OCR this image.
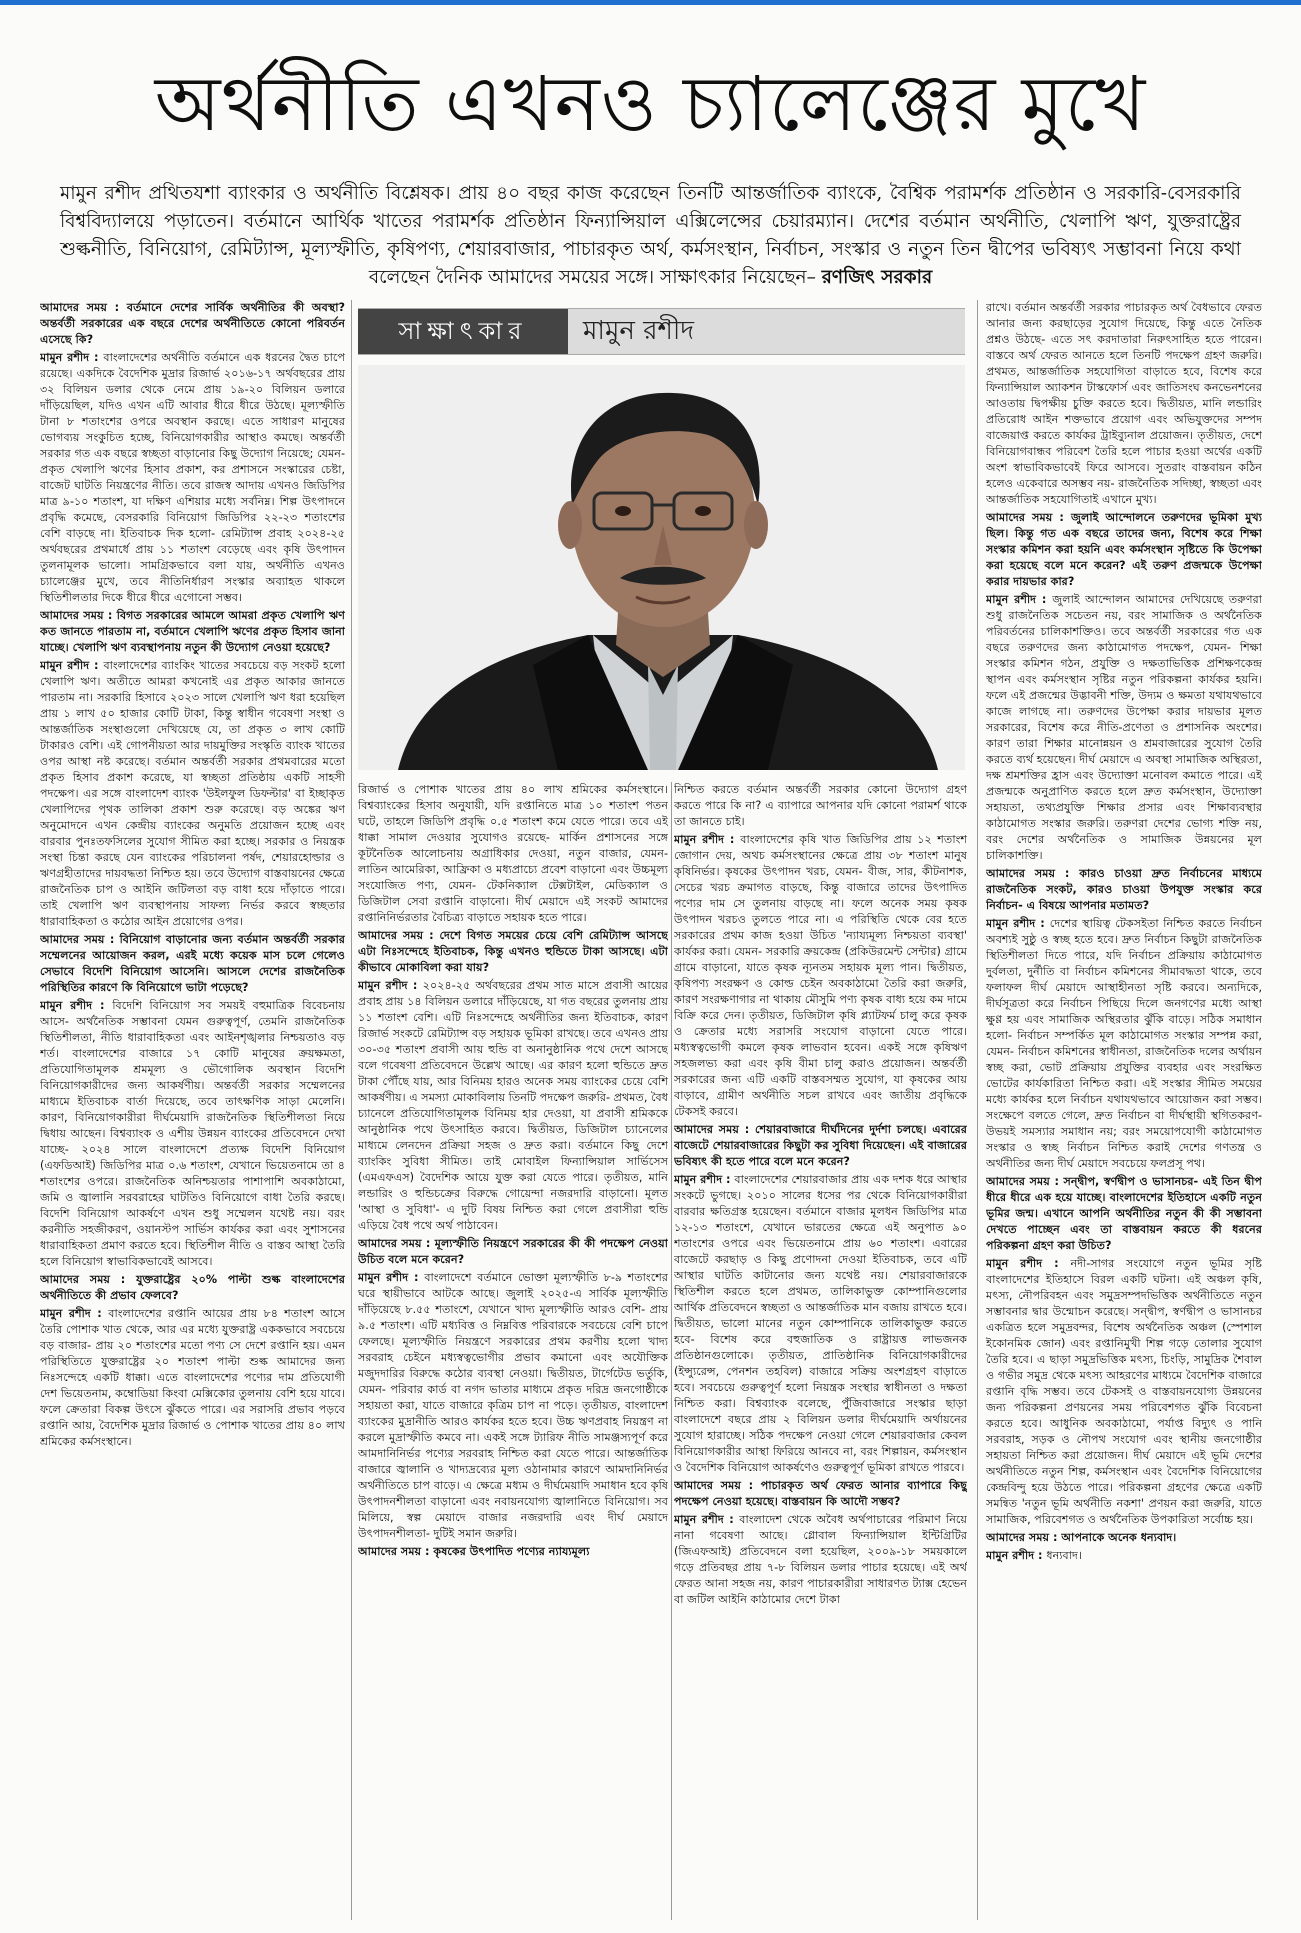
অর্থনীতি এখনও চ্যালেঞ্জের মুখে
মামুন রশীদ প্রথিতযশা ব্যাংকার ও অর্থনীতি বিশ্লেষক। প্রায় ৪০ বছর কাজ করেছেন তিনটি আন্তর্জাতিক ব্যাংকে, বৈশ্বিক পরামর্শক প্রতিষ্ঠান ও সরকারি-বেসরকারি বিশ্ববিদ্যালয়ে পড়াতেন। বর্তমানে আর্থিক খাতের পরামর্শক প্রতিষ্ঠান ফিন্যান্সিয়াল এক্সিলেন্সের চেয়ারম্যান। দেশের বর্তমান অর্থনীতি, খেলাপি ঋণ, যুক্তরাষ্ট্রের শুল্কনীতি, বিনিয়োগ, রেমিট্যান্স, মূল্যস্ফীতি, কৃষিপণ্য, শেয়ারবাজার, পাচারকৃত অর্থ, কর্মসংস্থান, নির্বাচন, সংস্কার ও নতুন তিন দ্বীপের ভবিষ্যৎ সম্ভাবনা নিয়ে কথা বলেছেন দৈনিক আমাদের সময়ের সঙ্গে। সাক্ষাৎকার নিয়েছেন– রণজিৎ সরকার

আমাদের সময় : বর্তমানে দেশের সার্বিক অর্থনীতির কী অবস্থা? অন্তর্বর্তী সরকারের এক বছরে দেশের অর্থনীতিতে কোনো পরিবর্তন এসেছে কি?

মামুন রশীদ : বাংলাদেশের অর্থনীতি বর্তমানে এক ধরনের দ্বৈত চাপে রয়েছে। একদিকে বৈদেশিক মুদ্রার রিজার্ভ ২০১৬-১৭ অর্থবছরের প্রায় ৩২ বিলিয়ন ডলার থেকে নেমে প্রায় ১৯-২০ বিলিয়ন ডলারে দাঁড়িয়েছিল, যদিও এখন এটি আবার ধীরে ধীরে উঠছে। মূল্যস্ফীতি টানা ৮ শতাংশের ওপরে অবস্থান করছে। এতে সাধারণ মানুষের ভোগব্যয় সংকুচিত হচ্ছে, বিনিয়োগকারীর আস্থাও কমছে। অন্তর্বর্তী সরকার গত এক বছরে স্বচ্ছতা বাড়ানোর কিছু উদ্যোগ নিয়েছে; যেমন- প্রকৃত খেলাপি ঋণের হিসাব প্রকাশ, কর প্রশাসনে সংস্কারের চেষ্টা, বাজেট ঘাটতি নিয়ন্ত্রণের নীতি। তবে রাজস্ব আদায় এখনও জিডিপির মাত্র ৯-১০ শতাংশ, যা দক্ষিণ এশিয়ার মধ্যে সর্বনিম্ন। শিল্প উৎপাদনে প্রবৃদ্ধি কমেছে, বেসরকারি বিনিয়োগ জিডিপির ২২-২৩ শতাংশের বেশি বাড়ছে না। ইতিবাচক দিক হলো- রেমিট্যান্স প্রবাহ ২০২৪-২৫ অর্থবছরের প্রথমার্ধে প্রায় ১১ শতাংশ বেড়েছে এবং কৃষি উৎপাদন তুলনামূলক ভালো। সামগ্রিকভাবে বলা যায়, অর্থনীতি এখনও চ্যালেঞ্জের মুখে, তবে নীতিনির্ধারণ সংস্কার অব্যাহত থাকলে স্থিতিশীলতার দিকে ধীরে ধীরে এগোনো সম্ভব।

আমাদের সময় : বিগত সরকারের আমলে আমরা প্রকৃত খেলাপি ঋণ কত জানতে পারতাম না, বর্তমানে খেলাপি ঋণের প্রকৃত হিসাব জানা যাচ্ছে। খেলাপি ঋণ ব্যবস্থাপনায় নতুন কী উদ্যোগ নেওয়া হয়েছে?

মামুন রশীদ : বাংলাদেশের ব্যাংকিং খাতের সবচেয়ে বড় সংকট হলো খেলাপি ঋণ। অতীতে আমরা কখনোই এর প্রকৃত আকার জানতে পারতাম না। সরকারি হিসাবে ২০২৩ সালে খেলাপি ঋণ ধরা হয়েছিল প্রায় ১ লাখ ৫০ হাজার কোটি টাকা, কিন্তু স্বাধীন গবেষণা সংস্থা ও আন্তর্জাতিক সংস্থাগুলো দেখিয়েছে যে, তা প্রকৃত ৩ লাখ কোটি টাকারও বেশি। এই গোপনীয়তা আর দায়মুক্তির সংস্কৃতি ব্যাংক খাতের ওপর আস্থা নষ্ট করেছে। বর্তমান অন্তর্বর্তী সরকার প্রথমবারের মতো প্রকৃত হিসাব প্রকাশ করেছে, যা স্বচ্ছতা প্রতিষ্ঠায় একটি সাহসী পদক্ষেপ। এর সঙ্গে বাংলাদেশ ব্যাংক 'উইলফুল ডিফল্টার' বা ইচ্ছাকৃত খেলাপিদের পৃথক তালিকা প্রকাশ শুরু করেছে। বড় অঙ্কের ঋণ অনুমোদনে এখন কেন্দ্রীয় ব্যাংকের অনুমতি প্রয়োজন হচ্ছে এবং বারবার পুনঃতফসিলের সুযোগ সীমিত করা হচ্ছে। সরকার ও নিয়ন্ত্রক সংস্থা চিন্তা করছে যেন ব্যাংকের পরিচালনা পর্ষদ, শেয়ারহোল্ডার ও ঋণগ্রহীতাদের দায়বদ্ধতা নিশ্চিত হয়। তবে উদ্যোগ বাস্তবায়নের ক্ষেত্রে রাজনৈতিক চাপ ও আইনি জটিলতা বড় বাধা হয়ে দাঁড়াতে পারে। তাই খেলাপি ঋণ ব্যবস্থাপনায় সাফল্য নির্ভর করবে স্বচ্ছতার ধারাবাহিকতা ও কঠোর আইন প্রয়োগের ওপর।

আমাদের সময় : বিনিয়োগ বাড়ানোর জন্য বর্তমান অন্তর্বর্তী সরকার সম্মেলনের আয়োজন করল, এরই মধ্যে কয়েক মাস চলে গেলেও সেভাবে বিদেশি বিনিয়োগ আসেনি। আসলে দেশের রাজনৈতিক পরিস্থিতির কারণে কি বিনিয়োগে ভাটা পড়েছে?

মামুন রশীদ : বিদেশি বিনিয়োগ সব সময়ই বহুমাত্রিক বিবেচনায় আসে- অর্থনৈতিক সম্ভাবনা যেমন গুরুত্বপূর্ণ, তেমনি রাজনৈতিক স্থিতিশীলতা, নীতি ধারাবাহিকতা এবং আইনশৃঙ্খলার নিশ্চয়তাও বড় শর্ত। বাংলাদেশের বাজারে ১৭ কোটি মানুষের ক্রয়ক্ষমতা, প্রতিযোগিতামূলক শ্রমমূল্য ও ভৌগোলিক অবস্থান বিদেশি বিনিয়োগকারীদের জন্য আকর্ষণীয়। অন্তর্বর্তী সরকার সম্মেলনের মাধ্যমে ইতিবাচক বার্তা দিয়েছে, তবে তাৎক্ষণিক সাড়া মেলেনি। কারণ, বিনিয়োগকারীরা দীর্ঘমেয়াদি রাজনৈতিক স্থিতিশীলতা নিয়ে দ্বিধায় আছেন। বিশ্বব্যাংক ও এশীয় উন্নয়ন ব্যাংকের প্রতিবেদনে দেখা যাচ্ছে- ২০২৪ সালে বাংলাদেশে প্রত্যক্ষ বিদেশি বিনিয়োগ (এফডিআই) জিডিপির মাত্র ০.৬ শতাংশ, যেখানে ভিয়েতনামে তা ৪ শতাংশের ওপরে। রাজনৈতিক অনিশ্চয়তার পাশাপাশি অবকাঠামো, জমি ও জ্বালানি সরবরাহের ঘাটতিও বিনিয়োগে বাধা তৈরি করছে। বিদেশি বিনিয়োগ আকর্ষণে এখন শুধু সম্মেলন যথেষ্ট নয়। বরং করনীতি সহজীকরণ, ওয়ানস্টপ সার্ভিস কার্যকর করা এবং সুশাসনের ধারাবাহিকতা প্রমাণ করতে হবে। স্থিতিশীল নীতি ও বাস্তব আস্থা তৈরি হলে বিনিয়োগ স্বাভাবিকভাবেই আসবে।

আমাদের সময় : যুক্তরাষ্ট্রের ২০% পাল্টা শুল্ক বাংলাদেশের অর্থনীতিতে কী প্রভাব ফেলবে?

মামুন রশীদ : বাংলাদেশের রপ্তানি আয়ের প্রায় ৮৪ শতাংশ আসে তৈরি পোশাক খাত থেকে, আর এর মধ্যে যুক্তরাষ্ট্র এককভাবে সবচেয়ে বড় বাজার- প্রায় ২০ শতাংশের মতো পণ্য সে দেশে রপ্তানি হয়। এমন পরিস্থিতিতে যুক্তরাষ্ট্রের ২০ শতাংশ পাল্টা শুল্ক আমাদের জন্য নিঃসন্দেহে একটি ধাক্কা। এতে বাংলাদেশের পণ্যের দাম প্রতিযোগী দেশ ভিয়েতনাম, কম্বোডিয়া কিংবা মেক্সিকোর তুলনায় বেশি হয়ে যাবে। ফলে ক্রেতারা বিকল্প উৎসে ঝুঁকতে পারে। এর সরাসরি প্রভাব পড়বে রপ্তানি আয়, বৈদেশিক মুদ্রার রিজার্ভ ও পোশাক খাতের প্রায় ৪০ লাখ শ্রমিকের কর্মসংস্থানে।

সাক্ষাৎকার	মামুন রশীদ

রিজার্ভ ও পোশাক খাতের প্রায় ৪০ লাখ শ্রমিকের কর্মসংস্থানে। বিশ্বব্যাংকের হিসাব অনুযায়ী, যদি রপ্তানিতে মাত্র ১০ শতাংশ পতন ঘটে, তাহলে জিডিপি প্রবৃদ্ধি ০.৫ শতাংশ কমে যেতে পারে। তবে এই ধাক্কা সামাল দেওয়ার সুযোগও রয়েছে- মার্কিন প্রশাসনের সঙ্গে কূটনৈতিক আলোচনায় অগ্রাধিকার দেওয়া, নতুন বাজার, যেমন- লাতিন আমেরিকা, আফ্রিকা ও মধ্যপ্রাচ্যে প্রবেশ বাড়ানো এবং উচ্চমূল্য সংযোজিত পণ্য, যেমন- টেকনিক্যাল টেক্সটাইল, মেডিক্যাল ও ডিজিটাল সেবা রপ্তানি বাড়ানো। দীর্ঘ মেয়াদে এই সংকট আমাদের রপ্তানিনির্ভরতার বৈচিত্র্য বাড়াতে সহায়ক হতে পারে।

আমাদের সময় : দেশে বিগত সময়ের চেয়ে বেশি রেমিট্যান্স আসছে এটা নিঃসন্দেহে ইতিবাচক, কিন্তু এখনও হুন্ডিতে টাকা আসছে। এটা কীভাবে মোকাবিলা করা যায়?

মামুন রশীদ : ২০২৪-২৫ অর্থবছরের প্রথম সাত মাসে প্রবাসী আয়ের প্রবাহ প্রায় ১৪ বিলিয়ন ডলারে দাঁড়িয়েছে, যা গত বছরের তুলনায় প্রায় ১১ শতাংশ বেশি। এটি নিঃসন্দেহে অর্থনীতির জন্য ইতিবাচক, কারণ রিজার্ভ সংকটে রেমিট্যান্স বড় সহায়ক ভূমিকা রাখছে। তবে এখনও প্রায় ৩০-৩৫ শতাংশ প্রবাসী আয় হুন্ডি বা অনানুষ্ঠানিক পথে দেশে আসছে বলে গবেষণা প্রতিবেদনে উল্লেখ আছে। এর কারণ হলো হুন্ডিতে দ্রুত টাকা পৌঁছে যায়, আর বিনিময় হারও অনেক সময় ব্যাংকের চেয়ে বেশি আকর্ষণীয়। এ সমস্যা মোকাবিলায় তিনটি পদক্ষেপ জরুরি- প্রথমত, বৈধ চ্যানেলে প্রতিযোগিতামূলক বিনিময় হার দেওয়া, যা প্রবাসী শ্রমিককে আনুষ্ঠানিক পথে উৎসাহিত করবে। দ্বিতীয়ত, ডিজিটাল চ্যানেলের মাধ্যমে লেনদেন প্রক্রিয়া সহজ ও দ্রুত করা। বর্তমানে কিছু দেশে ব্যাংকিং সুবিধা সীমিত। তাই মোবাইল ফিন্যান্সিয়াল সার্ভিসেস (এমএফএস) বৈদেশিক আয়ে যুক্ত করা যেতে পারে। তৃতীয়ত, মানি লন্ডারিং ও হুন্ডিচক্রের বিরুদ্ধে গোয়েন্দা নজরদারি বাড়ানো। মূলত 'আস্থা ও সুবিধা'- এ দুটি বিষয় নিশ্চিত করা গেলে প্রবাসীরা হুন্ডি এড়িয়ে বৈধ পথে অর্থ পাঠাবেন।

আমাদের সময় : মূল্যস্ফীতি নিয়ন্ত্রণে সরকারের কী কী পদক্ষেপ নেওয়া উচিত বলে মনে করেন?

মামুন রশীদ : বাংলাদেশে বর্তমানে ভোক্তা মূল্যস্ফীতি ৮-৯ শতাংশের ঘরে স্থায়ীভাবে আটকে আছে। জুলাই ২০২৫-এ সার্বিক মূল্যস্ফীতি দাঁড়িয়েছে ৮.৫৫ শতাংশে, যেখানে খাদ্য মূল্যস্ফীতি আরও বেশি- প্রায় ৯.৫ শতাংশ। এটি মধ্যবিত্ত ও নিম্নবিত্ত পরিবারকে সবচেয়ে বেশি চাপে ফেলছে। মূল্যস্ফীতি নিয়ন্ত্রণে সরকারের প্রথম করণীয় হলো খাদ্য সরবরাহ চেইনে মধ্যস্বত্বভোগীর প্রভাব কমানো এবং অযৌক্তিক মজুদদারির বিরুদ্ধে কঠোর ব্যবস্থা নেওয়া। দ্বিতীয়ত, টার্গেটেড ভর্তুকি, যেমন- পরিবার কার্ড বা নগদ ভাতার মাধ্যমে প্রকৃত দরিদ্র জনগোষ্ঠীকে সহায়তা করা, যাতে বাজারে কৃত্রিম চাপ না পড়ে। তৃতীয়ত, বাংলাদেশ ব্যাংকের মুদ্রানীতি আরও কার্যকর হতে হবে। উচ্চ ঋণপ্রবাহ নিয়ন্ত্রণ না করলে মুদ্রাস্ফীতি কমবে না। একই সঙ্গে ট্যারিফ নীতি সামঞ্জস্যপূর্ণ করে আমদানিনির্ভর পণ্যের সরবরাহ নিশ্চিত করা যেতে পারে। আন্তর্জাতিক বাজারে জ্বালানি ও খাদ্যদ্রব্যের মূল্য ওঠানামার কারণে আমদানিনির্ভর অর্থনীতিতে চাপ বাড়ে। এ ক্ষেত্রে মধ্যম ও দীর্ঘমেয়াদি সমাধান হবে কৃষি উৎপাদনশীলতা বাড়ানো এবং নবায়নযোগ্য জ্বালানিতে বিনিয়োগ। সব মিলিয়ে, স্বল্প মেয়াদে বাজার নজরদারি এবং দীর্ঘ মেয়াদে উৎপাদনশীলতা- দুটিই সমান জরুরি।

আমাদের সময় : কৃষকের উৎপাদিত পণ্যের ন্যায্যমূল্য

নিশ্চিত করতে বর্তমান অন্তর্বর্তী সরকার কোনো উদ্যোগ গ্রহণ করতে পারে কি না? এ ব্যাপারে আপনার যদি কোনো পরামর্শ থাকে তা জানতে চাই।

মামুন রশীদ : বাংলাদেশের কৃষি খাত জিডিপির প্রায় ১২ শতাংশ জোগান দেয়, অথচ কর্মসংস্থানের ক্ষেত্রে প্রায় ৩৮ শতাংশ মানুষ কৃষিনির্ভর। কৃষকের উৎপাদন খরচ, যেমন- বীজ, সার, কীটনাশক, সেচের খরচ ক্রমাগত বাড়ছে, কিন্তু বাজারে তাদের উৎপাদিত পণ্যের দাম সে তুলনায় বাড়ছে না। ফলে অনেক সময় কৃষক উৎপাদন খরচও তুলতে পারে না। এ পরিস্থিতি থেকে বের হতে সরকারের প্রথম কাজ হওয়া উচিত 'ন্যায্যমূল্য নিশ্চয়তা ব্যবস্থা' কার্যকর করা। যেমন- সরকারি ক্রয়কেন্দ্র (প্রকিউরমেন্ট সেন্টার) গ্রামে গ্রামে বাড়ানো, যাতে কৃষক ন্যূনতম সহায়ক মূল্য পান। দ্বিতীয়ত, কৃষিপণ্য সংরক্ষণ ও কোল্ড চেইন অবকাঠামো তৈরি করা জরুরি, কারণ সংরক্ষণাগার না থাকায় মৌসুমি পণ্য কৃষক বাধ্য হয়ে কম দামে বিক্রি করে দেন। তৃতীয়ত, ডিজিটাল কৃষি প্ল্যাটফর্ম চালু করে কৃষক ও ক্রেতার মধ্যে সরাসরি সংযোগ বাড়ানো যেতে পারে। মধ্যস্বত্বভোগী কমলে কৃষক লাভবান হবেন। একই সঙ্গে কৃষিঋণ সহজলভ্য করা এবং কৃষি বীমা চালু করাও প্রয়োজন। অন্তর্বর্তী সরকারের জন্য এটি একটি বাস্তবসম্মত সুযোগ, যা কৃষকের আয় বাড়াবে, গ্রামীণ অর্থনীতি সচল রাখবে এবং জাতীয় প্রবৃদ্ধিকে টেকসই করবে।

আমাদের সময় : শেয়ারবাজারে দীর্ঘদিনের দুর্দশা চলছে। এবারের বাজেটে শেয়ারবাজারের কিছুটা কর সুবিধা দিয়েছেন। এই বাজারের ভবিষ্যৎ কী হতে পারে বলে মনে করেন?

মামুন রশীদ : বাংলাদেশের শেয়ারবাজার প্রায় এক দশক ধরে আস্থার সংকটে ভুগছে। ২০১০ সালের ধসের পর থেকে বিনিয়োগকারীরা বারবার ক্ষতিগ্রস্ত হয়েছেন। বর্তমানে বাজার মূলধন জিডিপির মাত্র ১২-১৩ শতাংশে, যেখানে ভারতের ক্ষেত্রে এই অনুপাত ৯০ শতাংশের ওপরে এবং ভিয়েতনামে প্রায় ৬০ শতাংশ। এবারের বাজেটে করছাড় ও কিছু প্রণোদনা দেওয়া ইতিবাচক, তবে এটি আস্থার ঘাটতি কাটানোর জন্য যথেষ্ট নয়। শেয়ারবাজারকে স্থিতিশীল করতে হলে প্রথমত, তালিকাভুক্ত কোম্পানিগুলোর আর্থিক প্রতিবেদনে স্বচ্ছতা ও আন্তর্জাতিক মান বজায় রাখতে হবে। দ্বিতীয়ত, ভালো মানের নতুন কোম্পানিকে তালিকাভুক্ত করতে হবে- বিশেষ করে বহুজাতিক ও রাষ্ট্রায়ত্ত লাভজনক প্রতিষ্ঠানগুলোকে। তৃতীয়ত, প্রাতিষ্ঠানিক বিনিয়োগকারীদের (ইন্স্যুরেন্স, পেনশন তহবিল) বাজারে সক্রিয় অংশগ্রহণ বাড়াতে হবে। সবচেয়ে গুরুত্বপূর্ণ হলো নিয়ন্ত্রক সংস্থার স্বাধীনতা ও দক্ষতা নিশ্চিত করা। বিশ্বব্যাংক বলেছে, পুঁজিবাজারে সংস্কার ছাড়া বাংলাদেশে বছরে প্রায় ২ বিলিয়ন ডলার দীর্ঘমেয়াদি অর্থায়নের সুযোগ হারাচ্ছে। সঠিক পদক্ষেপ নেওয়া গেলে শেয়ারবাজার কেবল বিনিয়োগকারীর আস্থা ফিরিয়ে আনবে না, বরং শিল্পায়ন, কর্মসংস্থান ও বৈদেশিক বিনিয়োগ আকর্ষণেও গুরুত্বপূর্ণ ভূমিকা রাখতে পারবে।

আমাদের সময় : পাচারকৃত অর্থ ফেরত আনার ব্যাপারে কিছু পদক্ষেপ নেওয়া হয়েছে। বাস্তবায়ন কি আদৌ সম্ভব?

মামুন রশীদ : বাংলাদেশ থেকে অবৈধ অর্থপাচারের পরিমাণ নিয়ে নানা গবেষণা আছে। গ্লোবাল ফিন্যান্সিয়াল ইন্টিগ্রিটির (জিএফআই) প্রতিবেদনে বলা হয়েছিল, ২০০৯-১৮ সময়কালে গড়ে প্রতিবছর প্রায় ৭-৮ বিলিয়ন ডলার পাচার হয়েছে। এই অর্থ ফেরত আনা সহজ নয়, কারণ পাচারকারীরা সাধারণত ট্যাক্স হেভেন বা জটিল আইনি কাঠামোর দেশে টাকা

রাখে। বর্তমান অন্তর্বর্তী সরকার পাচারকৃত অর্থ বৈধভাবে ফেরত আনার জন্য করছাড়ের সুযোগ দিয়েছে, কিন্তু এতে নৈতিক প্রশ্নও উঠছে- এতে সৎ করদাতারা নিরুৎসাহিত হতে পারেন। বাস্তবে অর্থ ফেরত আনতে হলে তিনটি পদক্ষেপ গ্রহণ জরুরি। প্রথমত, আন্তর্জাতিক সহযোগিতা বাড়াতে হবে, বিশেষ করে ফিন্যান্সিয়াল অ্যাকশন টাস্কফোর্স এবং জাতিসংঘ কনভেনশনের আওতায় দ্বিপক্ষীয় চুক্তি করতে হবে। দ্বিতীয়ত, মানি লন্ডারিং প্রতিরোধ আইন শক্তভাবে প্রয়োগ এবং অভিযুক্তদের সম্পদ বাজেয়াপ্ত করতে কার্যকর ট্রাইব্যুনাল প্রয়োজন। তৃতীয়ত, দেশে বিনিয়োগবান্ধব পরিবেশ তৈরি হলে পাচার হওয়া অর্থের একটি অংশ স্বাভাবিকভাবেই ফিরে আসবে। সুতরাং বাস্তবায়ন কঠিন হলেও একেবারে অসম্ভব নয়- রাজনৈতিক সদিচ্ছা, স্বচ্ছতা এবং আন্তর্জাতিক সহযোগিতাই এখানে মুখ্য।

আমাদের সময় : জুলাই আন্দোলনে তরুণদের ভূমিকা মুখ্য ছিল। কিন্তু গত এক বছরে তাদের জন্য, বিশেষ করে শিক্ষা সংস্কার কমিশন করা হয়নি এবং কর্মসংস্থান সৃষ্টিতে কি উপেক্ষা করা হয়েছে বলে মনে করেন? এই তরুণ প্রজন্মকে উপেক্ষা করার দায়ভার কার?

মামুন রশীদ : জুলাই আন্দোলন আমাদের দেখিয়েছে তরুণরা শুধু রাজনৈতিক সচেতন নয়, বরং সামাজিক ও অর্থনৈতিক পরিবর্তনের চালিকাশক্তিও। তবে অন্তর্বর্তী সরকারের গত এক বছরে তরুণদের জন্য কাঠামোগত পদক্ষেপ, যেমন- শিক্ষা সংস্কার কমিশন গঠন, প্রযুক্তি ও দক্ষতাভিত্তিক প্রশিক্ষণকেন্দ্র স্থাপন এবং কর্মসংস্থান সৃষ্টির নতুন পরিকল্পনা কার্যকর হয়নি। ফলে এই প্রজন্মের উদ্ভাবনী শক্তি, উদ্যম ও ক্ষমতা যথাযথভাবে কাজে লাগছে না। তরুণদের উপেক্ষা করার দায়ভার মূলত সরকারের, বিশেষ করে নীতি-প্রণেতা ও প্রশাসনিক অংশের। কারণ তারা শিক্ষার মানোন্নয়ন ও শ্রমবাজারের সুযোগ তৈরি করতে ব্যর্থ হয়েছেন। দীর্ঘ মেয়াদে এ অবস্থা সামাজিক অস্থিরতা, দক্ষ শ্রমশক্তির হ্রাস এবং উদ্যোক্তা মনোবল কমাতে পারে। এই প্রজন্মকে অনুপ্রাণিত করতে হলে দ্রুত কর্মসংস্থান, উদ্যোক্তা সহায়তা, তথ্যপ্রযুক্তি শিক্ষার প্রসার এবং শিক্ষাব্যবস্থার কাঠামোগত সংস্কার জরুরি। তরুণরা দেশের ভোগ্য শক্তি নয়, বরং দেশের অর্থনৈতিক ও সামাজিক উন্নয়নের মূল চালিকাশক্তি।

আমাদের সময় : কারও চাওয়া দ্রুত নির্বাচনের মাধ্যমে রাজনৈতিক সংকট, কারও চাওয়া উপযুক্ত সংস্কার করে নির্বাচন- এ বিষয়ে আপনার মতামত?

মামুন রশীদ : দেশের স্থায়িত্ব টেকসইতা নিশ্চিত করতে নির্বাচন অবশ্যই সুষ্ঠু ও স্বচ্ছ হতে হবে। দ্রুত নির্বাচন কিছুটা রাজনৈতিক স্থিতিশীলতা দিতে পারে, যদি নির্বাচন প্রক্রিয়ায় কাঠামোগত দুর্বলতা, দুর্নীতি বা নির্বাচন কমিশনের সীমাবদ্ধতা থাকে, তবে ফলাফল দীর্ঘ মেয়াদে আস্থাহীনতা সৃষ্টি করবে। অন্যদিকে, দীর্ঘসূত্রতা করে নির্বাচন পিছিয়ে দিলে জনগণের মধ্যে আস্থা ক্ষুণ্ণ হয় এবং সামাজিক অস্থিরতার ঝুঁকি বাড়ে। সঠিক সমাধান হলো- নির্বাচন সম্পর্কিত মূল কাঠামোগত সংস্কার সম্পন্ন করা, যেমন- নির্বাচন কমিশনের স্বাধীনতা, রাজনৈতিক দলের অর্থায়ন স্বচ্ছ করা, ভোট প্রক্রিয়ায় প্রযুক্তির ব্যবহার এবং সংরক্ষিত ভোটের কার্যকারিতা নিশ্চিত করা। এই সংস্কার সীমিত সময়ের মধ্যে কার্যকর হলে নির্বাচন যথাযথভাবে আয়োজন করা সম্ভব। সংক্ষেপে বলতে গেলে, দ্রুত নির্বাচন বা দীর্ঘস্থায়ী স্থগিতকরণ- উভয়ই সমস্যার সমাধান নয়; বরং সময়োপযোগী কাঠামোগত সংস্কার ও স্বচ্ছ নির্বাচন নিশ্চিত করাই দেশের গণতন্ত্র ও অর্থনীতির জন্য দীর্ঘ মেয়াদে সবচেয়ে ফলপ্রসূ পথ।

আমাদের সময় : সন্দ্বীপ, স্বর্ণদ্বীপ ও ভাসানচর- এই তিন দ্বীপ ধীরে ধীরে এক হয়ে যাচ্ছে। বাংলাদেশের ইতিহাসে একটি নতুন ভূমির জন্ম। এখানে আপনি অর্থনীতির নতুন কী কী সম্ভাবনা দেখতে পাচ্ছেন এবং তা বাস্তবায়ন করতে কী ধরনের পরিকল্পনা গ্রহণ করা উচিত?

মামুন রশীদ : নদী-সাগর সংযোগে নতুন ভূমির সৃষ্টি বাংলাদেশের ইতিহাসে বিরল একটি ঘটনা। এই অঞ্চল কৃষি, মৎস্য, নৌপরিবহন এবং সমুদ্রসম্পদভিত্তিক অর্থনীতিতে নতুন সম্ভাবনার দ্বার উন্মোচন করেছে। সন্দ্বীপ, স্বর্ণদ্বীপ ও ভাসানচর একত্রিত হলে সমুদ্রবন্দর, বিশেষ অর্থনৈতিক অঞ্চল (স্পেশাল ইকোনমিক জোন) এবং রপ্তানিমুখী শিল্প গড়ে তোলার সুযোগ তৈরি হবে। এ ছাড়া সমুদ্রভিত্তিক মৎস্য, চিংড়ি, সামুদ্রিক শৈবাল ও গভীর সমুদ্র থেকে মৎস্য আহরণের মাধ্যমে বৈদেশিক বাজারে রপ্তানি বৃদ্ধি সম্ভব। তবে টেকসই ও বাস্তবায়নযোগ্য উন্নয়নের জন্য পরিকল্পনা প্রণয়নের সময় পরিবেশগত ঝুঁকি বিবেচনা করতে হবে। আধুনিক অবকাঠামো, পর্যাপ্ত বিদ্যুৎ ও পানি সরবরাহ, সড়ক ও নৌপথ সংযোগ এবং স্থানীয় জনগোষ্ঠীর সহায়তা নিশ্চিত করা প্রয়োজন। দীর্ঘ মেয়াদে এই ভূমি দেশের অর্থনীতিতে নতুন শিল্প, কর্মসংস্থান এবং বৈদেশিক বিনিয়োগের কেন্দ্রবিন্দু হয়ে উঠতে পারে। পরিকল্পনা গ্রহণের ক্ষেত্রে একটি সমন্বিত 'নতুন ভূমি অর্থনীতি নকশা' প্রণয়ন করা জরুরি, যাতে সামাজিক, পরিবেশগত ও অর্থনৈতিক উপকারিতা সর্বোচ্চ হয়।

আমাদের সময় : আপনাকে অনেক ধন্যবাদ।

মামুন রশীদ : ধন্যবাদ।
